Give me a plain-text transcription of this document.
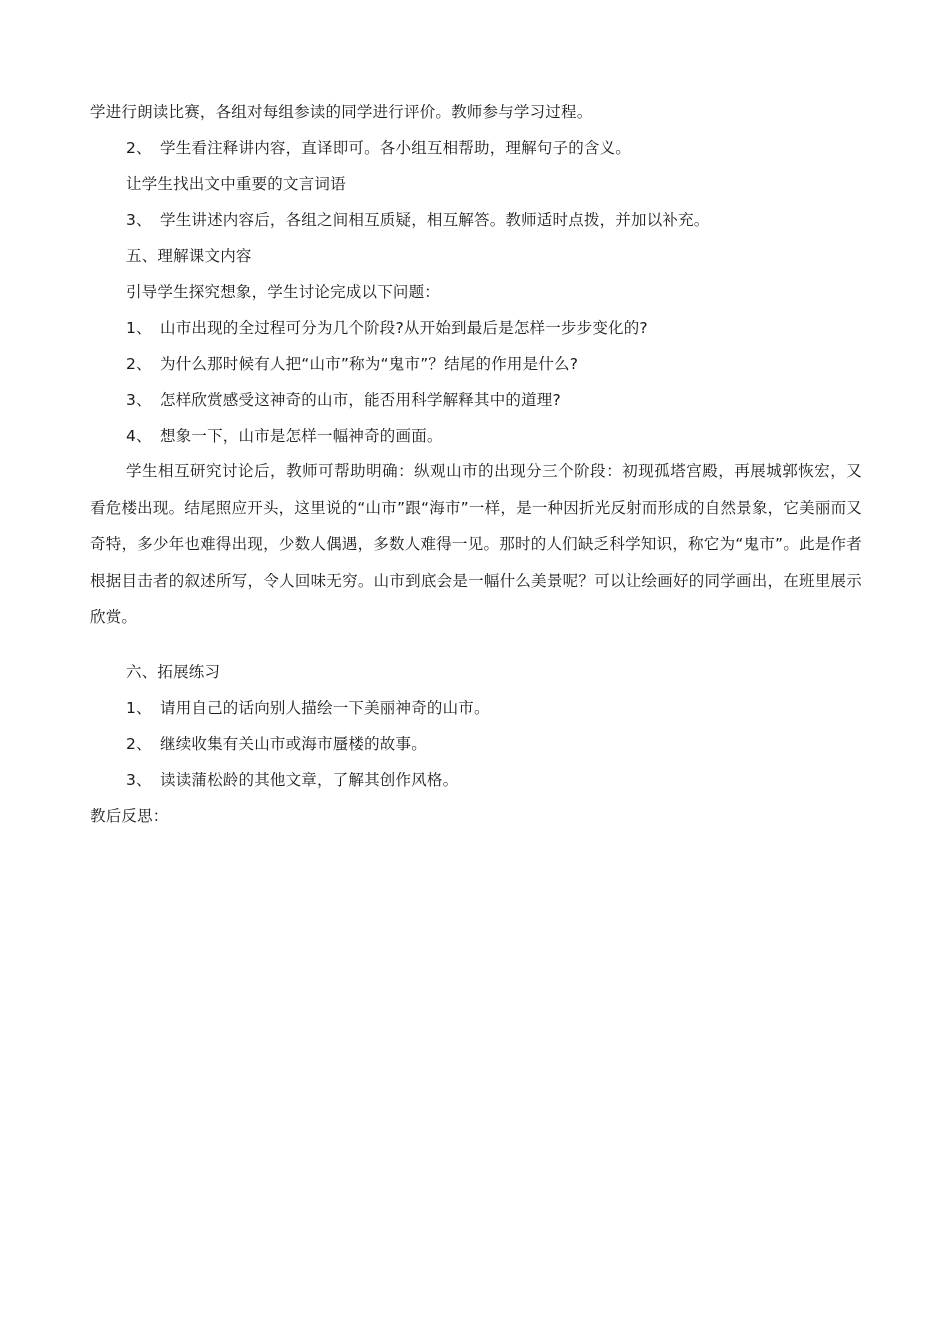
学进行朗读比赛，各组对每组参读的同学进行评价。教师参与学习过程。
2、 学生看注释讲内容，直译即可。各小组互相帮助，理解句子的含义。
让学生找出文中重要的文言词语
3、 学生讲述内容后，各组之间相互质疑，相互解答。教师适时点拨，并加以补充。
五、理解课文内容
引导学生探究想象，学生讨论完成以下问题：
1、 山市出现的全过程可分为几个阶段?从开始到最后是怎样一步步变化的?
2、 为什么那时候有人把“山市”称为“鬼市”？结尾的作用是什么?
3、 怎样欣赏感受这神奇的山市，能否用科学解释其中的道理?
4、 想象一下，山市是怎样一幅神奇的画面。

学生相互研究讨论后，教师可帮助明确：纵观山市的出现分三个阶段：初现孤塔宫殿，再展城郭恢宏，又看危楼出现。结尾照应开头，这里说的“山市”跟“海市”一样，是一种因折光反射而形成的自然景象，它美丽而又奇特，多少年也难得出现，少数人偶遇，多数人难得一见。那时的人们缺乏科学知识，称它为“鬼市”。此是作者根据目击者的叙述所写，令人回味无穷。山市到底会是一幅什么美景呢？可以让绘画好的同学画出，在班里展示欣赏。

六、拓展练习
1、 请用自己的话向别人描绘一下美丽神奇的山市。
2、 继续收集有关山市或海市蜃楼的故事。
3、 读读蒲松龄的其他文章，了解其创作风格。
教后反思：
